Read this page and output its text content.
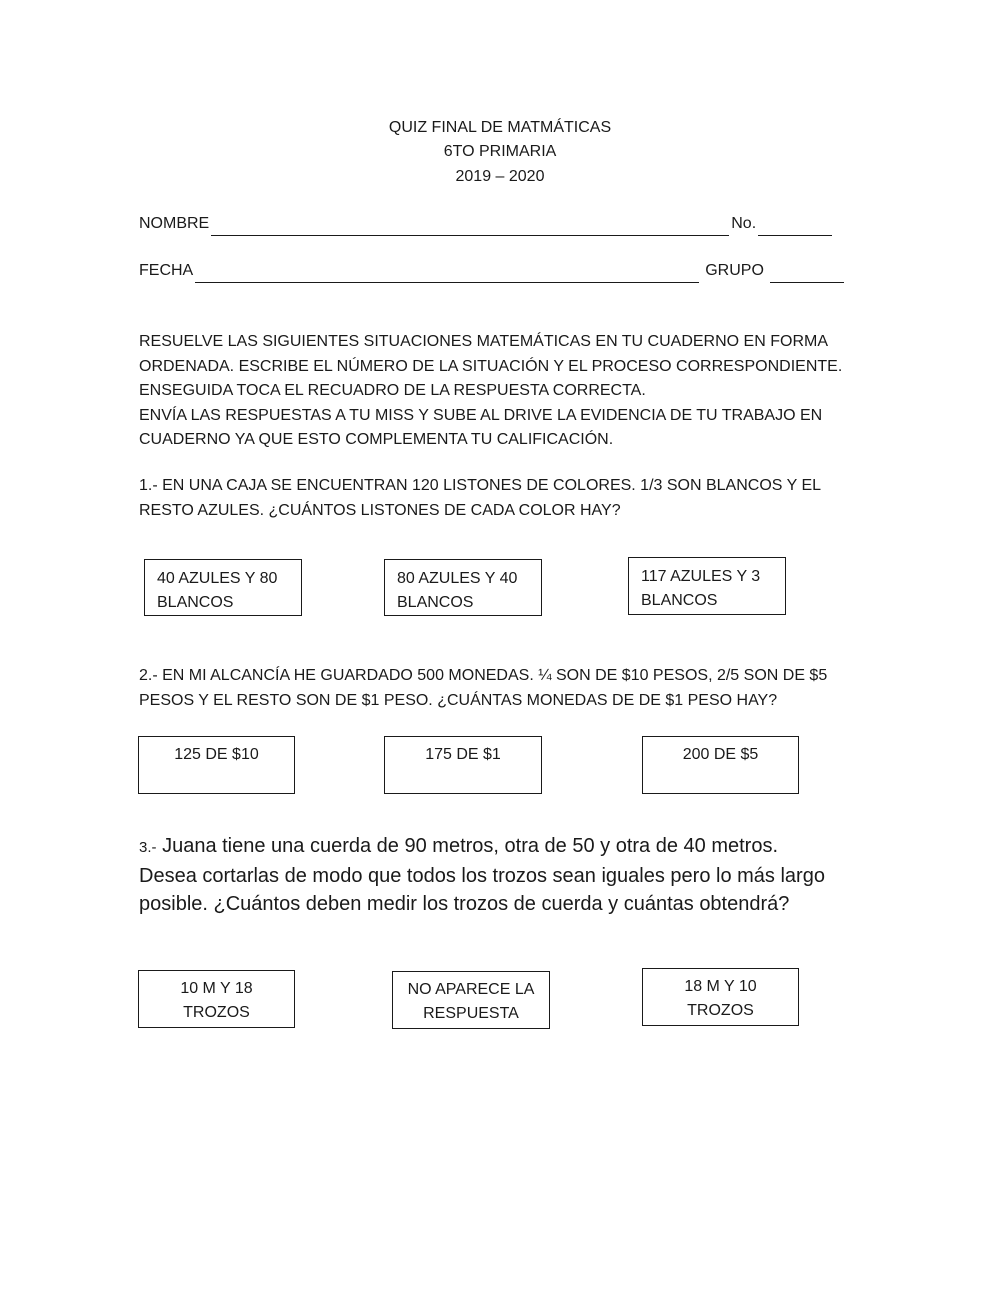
QUIZ FINAL DE MATMÁTICAS
6TO PRIMARIA
2019 – 2020
NOMBRE	No.
FECHA	GRUPO
RESUELVE LAS SIGUIENTES SITUACIONES MATEMÁTICAS EN TU CUADERNO EN FORMA
ORDENADA. ESCRIBE EL NÚMERO DE LA SITUACIÓN Y EL PROCESO CORRESPONDIENTE.
ENSEGUIDA TOCA EL RECUADRO DE LA RESPUESTA CORRECTA.
ENVÍA LAS RESPUESTAS A TU MISS Y SUBE AL DRIVE LA EVIDENCIA DE TU TRABAJO EN
CUADERNO YA QUE ESTO COMPLEMENTA TU CALIFICACIÓN.
1.- EN UNA CAJA SE ENCUENTRAN 120 LISTONES DE COLORES. 1/3 SON BLANCOS Y EL
RESTO AZULES. ¿CUÁNTOS LISTONES DE CADA COLOR HAY?
40 AZULES Y 80
BLANCOS
80 AZULES Y 40
BLANCOS
117 AZULES Y 3
BLANCOS
2.- EN MI ALCANCÍA HE GUARDADO 500 MONEDAS. ¼ SON DE $10 PESOS, 2/5 SON DE $5
PESOS Y EL RESTO SON DE $1 PESO. ¿CUÁNTAS MONEDAS DE DE $1 PESO HAY?
125 DE $10	175 DE $1	200 DE $5
3.- Juana tiene una cuerda de 90 metros, otra de 50 y otra de 40 metros.
Desea cortarlas de modo que todos los trozos sean iguales pero lo más largo
posible. ¿Cuántos deben medir los trozos de cuerda y cuántas obtendrá?
10 M Y 18
TROZOS
NO APARECE LA
RESPUESTA
18 M Y 10
TROZOS
